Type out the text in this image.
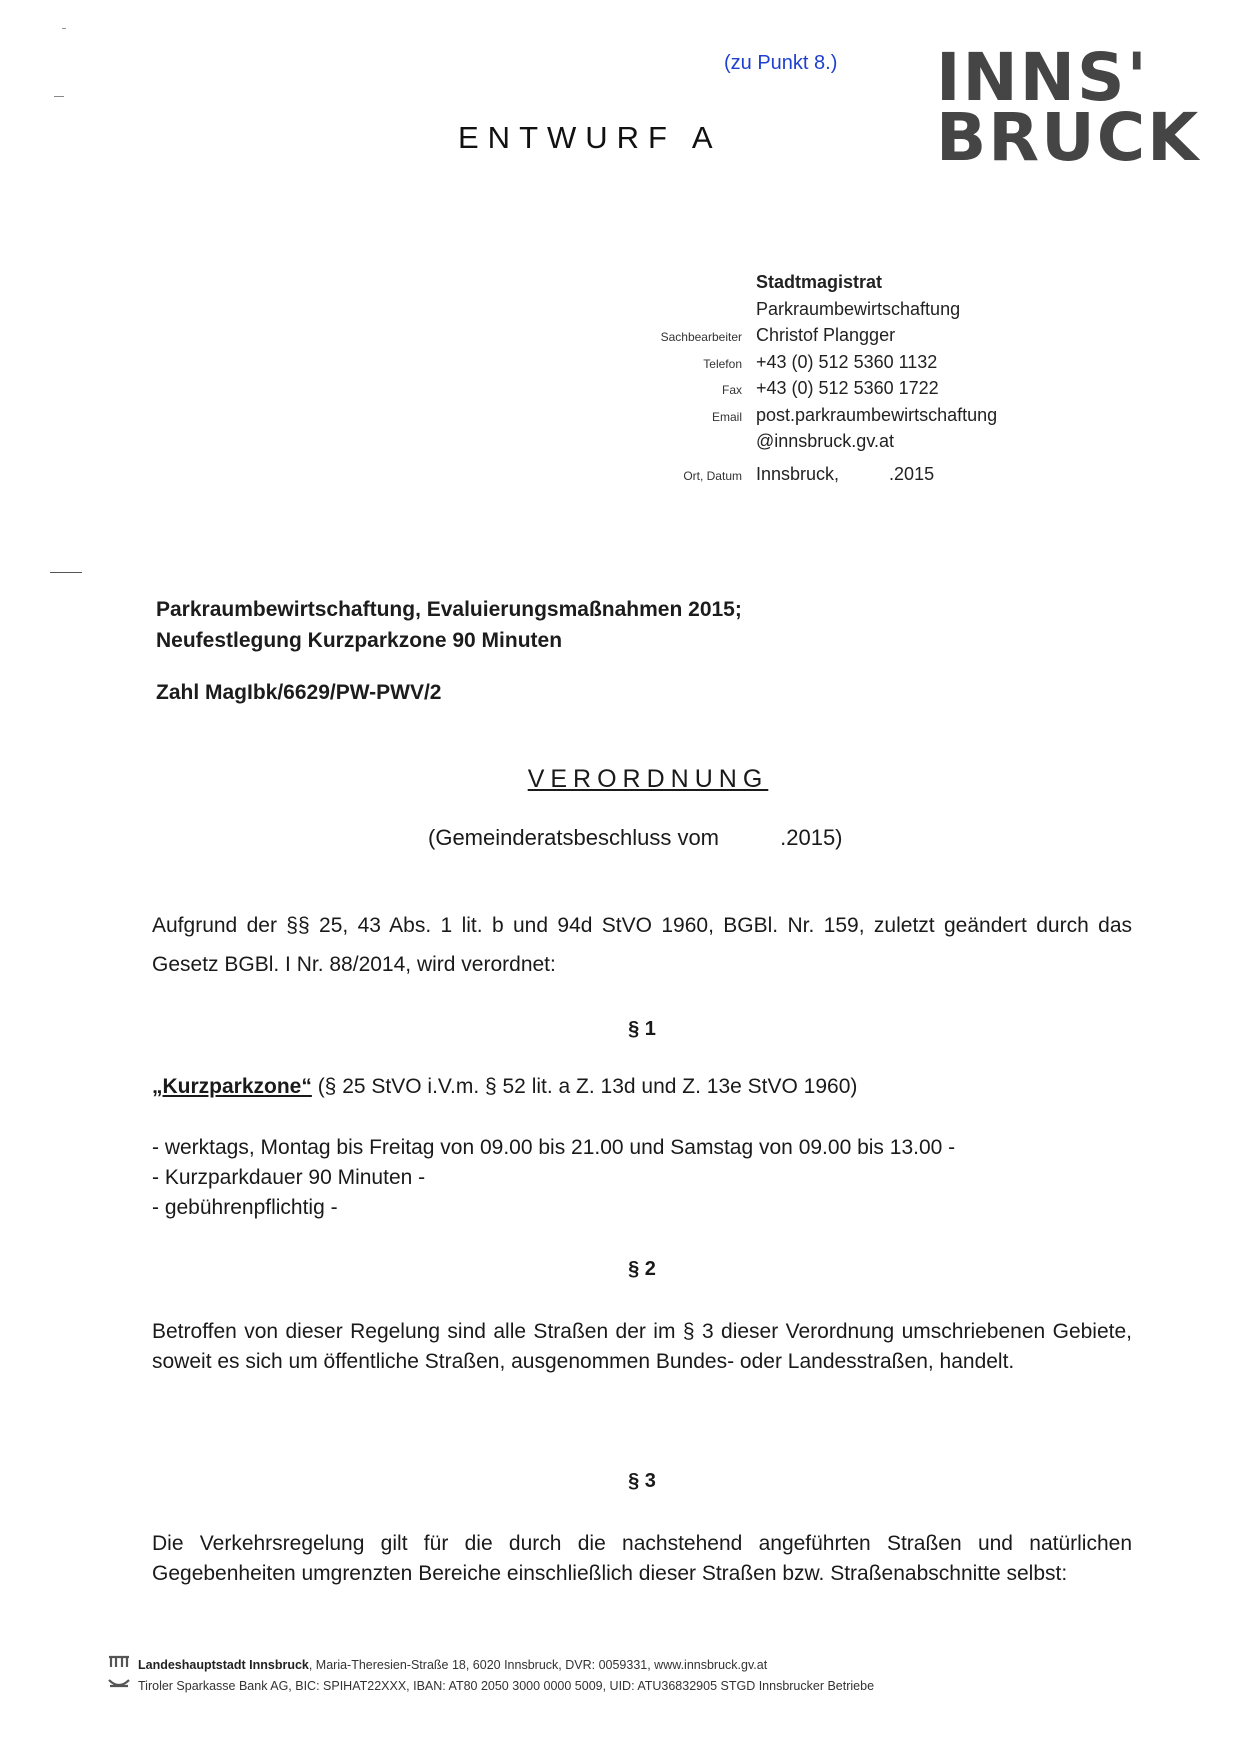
(zu Punkt 8.)
ENTWURF A
INNS'
BRUCK
Stadtmagistrat
Parkraumbewirtschaftung
Sachbearbeiter Christof Plangger
Telefon +43 (0) 512 5360 1132
Fax +43 (0) 512 5360 1722
Email post.parkraumbewirtschaftung
@innsbruck.gv.at
Ort, Datum Innsbruck,          .2015
Parkraumbewirtschaftung, Evaluierungsmaßnahmen 2015;
Neufestlegung Kurzparkzone 90 Minuten
Zahl MagIbk/6629/PW-PWV/2
VERORDNUNG
(Gemeinderatsbeschluss vom          .2015)
Aufgrund der §§ 25, 43 Abs. 1 lit. b und 94d StVO 1960, BGBl. Nr. 159, zuletzt geändert durch das Gesetz BGBl. I Nr. 88/2014, wird verordnet:
§ 1
„Kurzparkzone“ (§ 25 StVO i.V.m. § 52 lit. a Z. 13d und Z. 13e StVO 1960)
- werktags, Montag bis Freitag von 09.00 bis 21.00 und Samstag von 09.00 bis 13.00 -
- Kurzparkdauer 90 Minuten -
- gebührenpflichtig -
§ 2
Betroffen von dieser Regelung sind alle Straßen der im § 3 dieser Verordnung umschriebenen Gebiete, soweit es sich um öffentliche Straßen, ausgenommen Bundes- oder Landesstraßen, handelt.
§ 3
Die Verkehrsregelung gilt für die durch die nachstehend angeführten Straßen und natürlichen Gegebenheiten umgrenzten Bereiche einschließlich dieser Straßen bzw. Straßenabschnitte selbst:
Landeshauptstadt Innsbruck, Maria-Theresien-Straße 18, 6020 Innsbruck, DVR: 0059331, www.innsbruck.gv.at
Tiroler Sparkasse Bank AG, BIC: SPIHAT22XXX, IBAN: AT80 2050 3000 0000 5009, UID: ATU36832905 STGD Innsbrucker Betriebe
